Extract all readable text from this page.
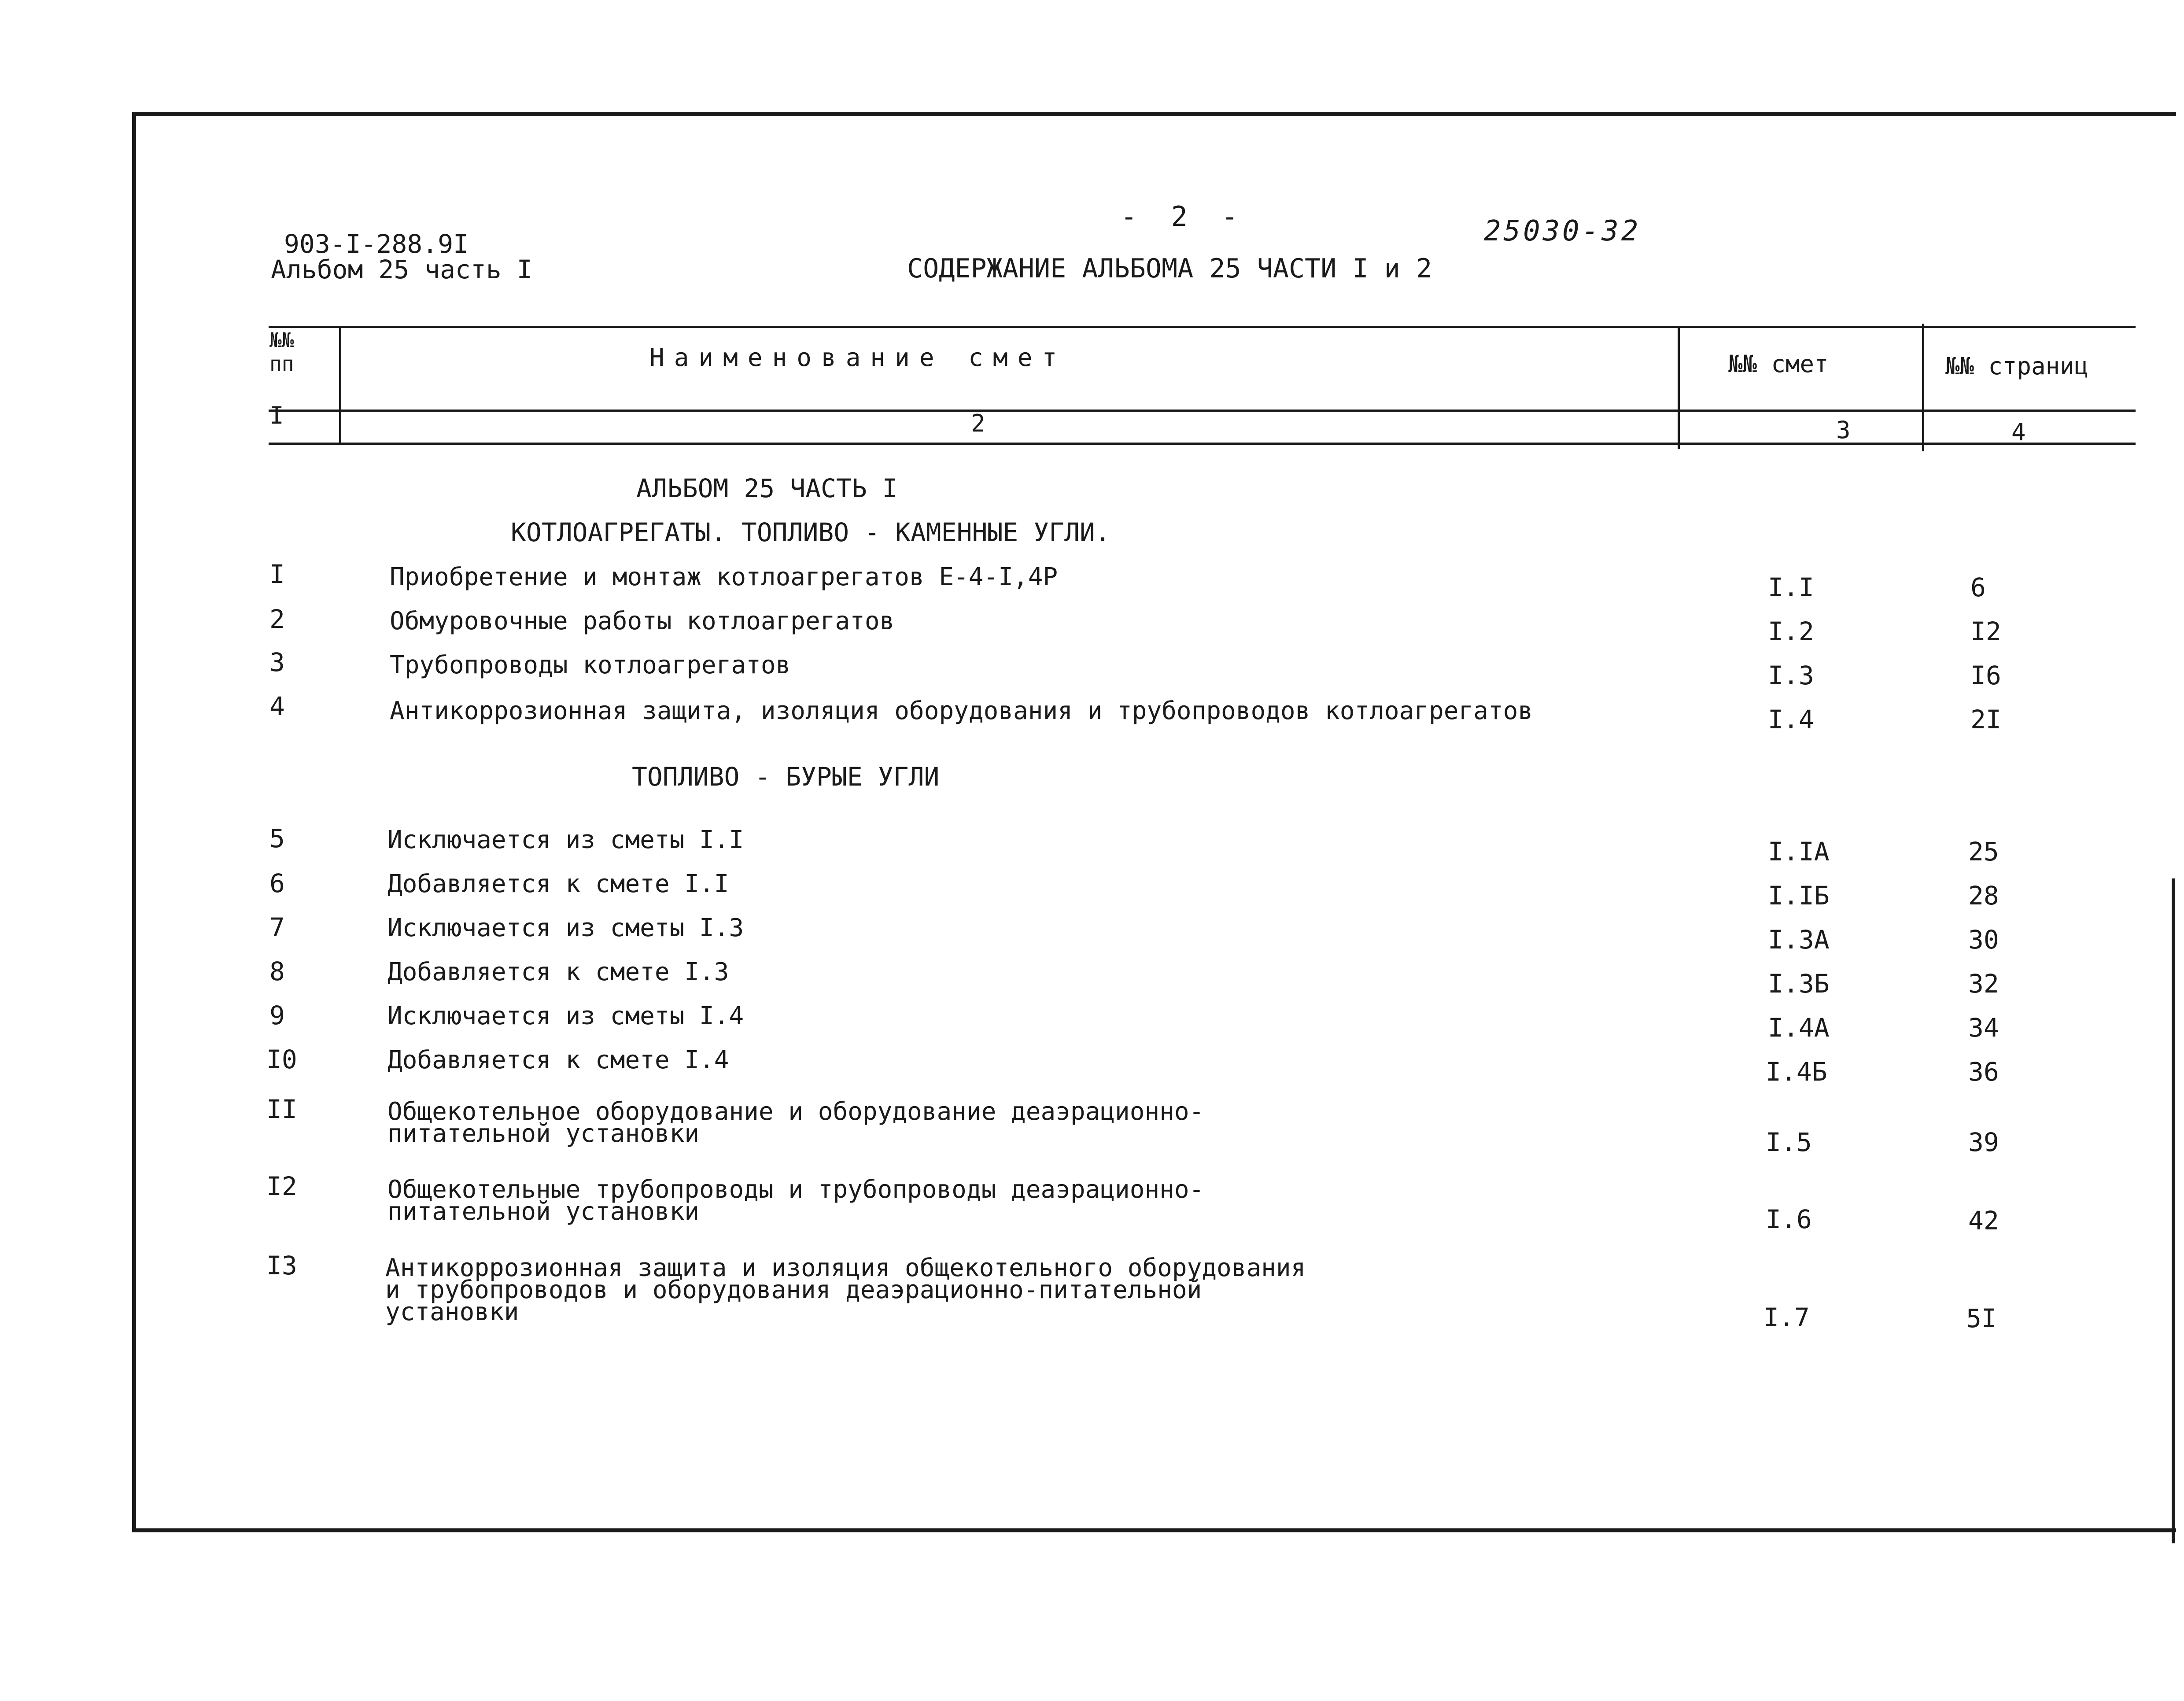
903-I-288.9I
Альбом 25 часть I
- 2 -
СОДЕРЖАНИЕ АЛЬБОМА 25 ЧАСТИ I и 2
25030-32
№№
пп	Наименование смет	№№ смет	№№ страниц
I	2	3	4
АЛЬБОМ 25 ЧАСТЬ I
КОТЛОАГРЕГАТЫ. ТОПЛИВО - КАМЕННЫЕ УГЛИ.
ТОПЛИВО - БУРЫЕ УГЛИ
I	Приобретение и монтаж котлоагрегатов Е-4-I,4Р	I.I	6
2	Обмуровочные работы котлоагрегатов	I.2	I2
3	Трубопроводы котлоагрегатов	I.3	I6
4	Антикоррозионная защита, изоляция оборудования и трубопроводов котлоагрегатов	I.4	2I
5	Исключается из сметы I.I	I.IA	25
6	Добавляется к смете I.I	I.IБ	28
7	Исключается из сметы I.3	I.3A	30
8	Добавляется к смете I.3	I.3Б	32
9	Исключается из сметы I.4	I.4A	34
I0	Добавляется к смете I.4	I.4Б	36
II	Общекотельное оборудование и оборудование деаэрационно-
питательной установки	I.5	39
I2	Общекотельные трубопроводы и трубопроводы деаэрационно-
питательной установки	I.6	42
I3	Антикоррозионная защита и изоляция общекотельного оборудования
и трубопроводов и оборудования деаэрационно-питательной
установки	I.7	5I
